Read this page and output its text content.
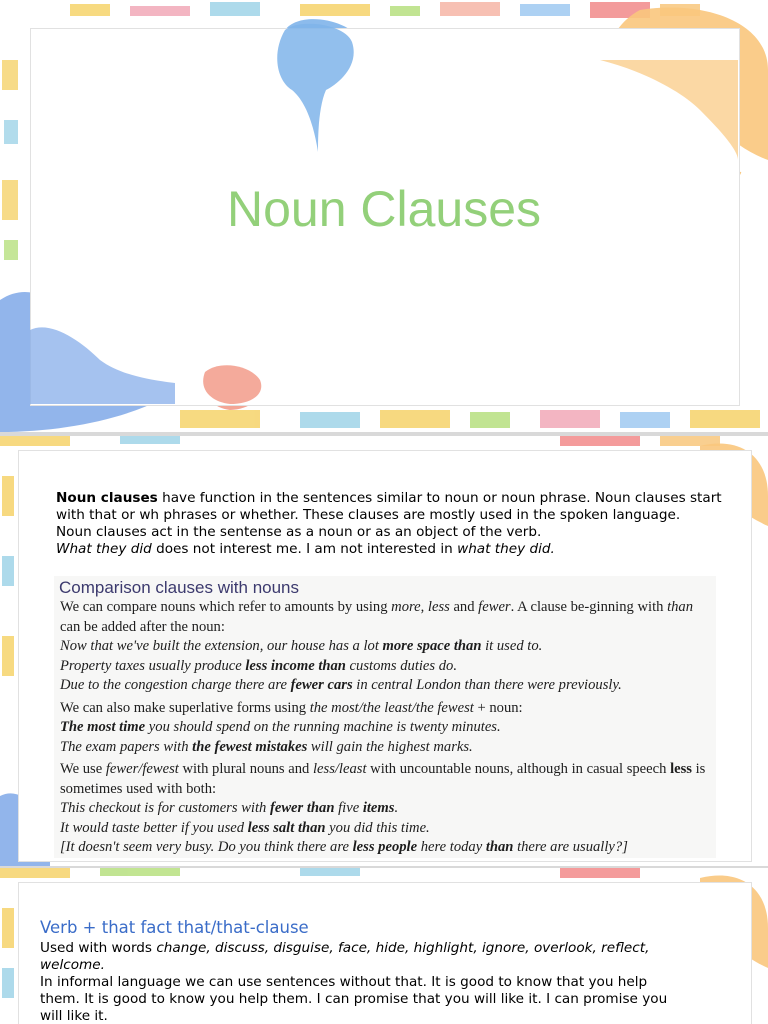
Noun Clauses

Noun clauses have function in the sentences similar to noun or noun phrase. Noun clauses start with that or wh phrases or whether. These clauses are mostly used in the spoken language.

Noun clauses act in the sentense as a noun or as an object of the verb.

What they did does not interest me. I am not interested in what they did.

Comparison clauses with nouns
We can compare nouns which refer to amounts by using more, less and fewer. A clause be-ginning with than can be added after the noun:
Now that we've built the extension, our house has a lot more space than it used to.
Property taxes usually produce less income than customs duties do.
Due to the congestion charge there are fewer cars in central London than there were previously.
We can also make superlative forms using the most/the least/the fewest + noun:
The most time you should spend on the running machine is twenty minutes.
The exam papers with the fewest mistakes will gain the highest marks.
We use fewer/fewest with plural nouns and less/least with uncountable nouns, although in casual speech less is sometimes used with both:
This checkout is for customers with fewer than five items.
It would taste better if you used less salt than you did this time.
[It doesn't seem very busy. Do you think there are less people here today than there are usually?]
Verb + that fact that/that-clause

Used with words change, discuss, disguise, face, hide, highlight, ignore, overlook, reflect, welcome.

In informal language we can use sentences without that. It is good to know that you help them. It is good to know you help them. I can promise that you will like it. I can promise you will like it.
